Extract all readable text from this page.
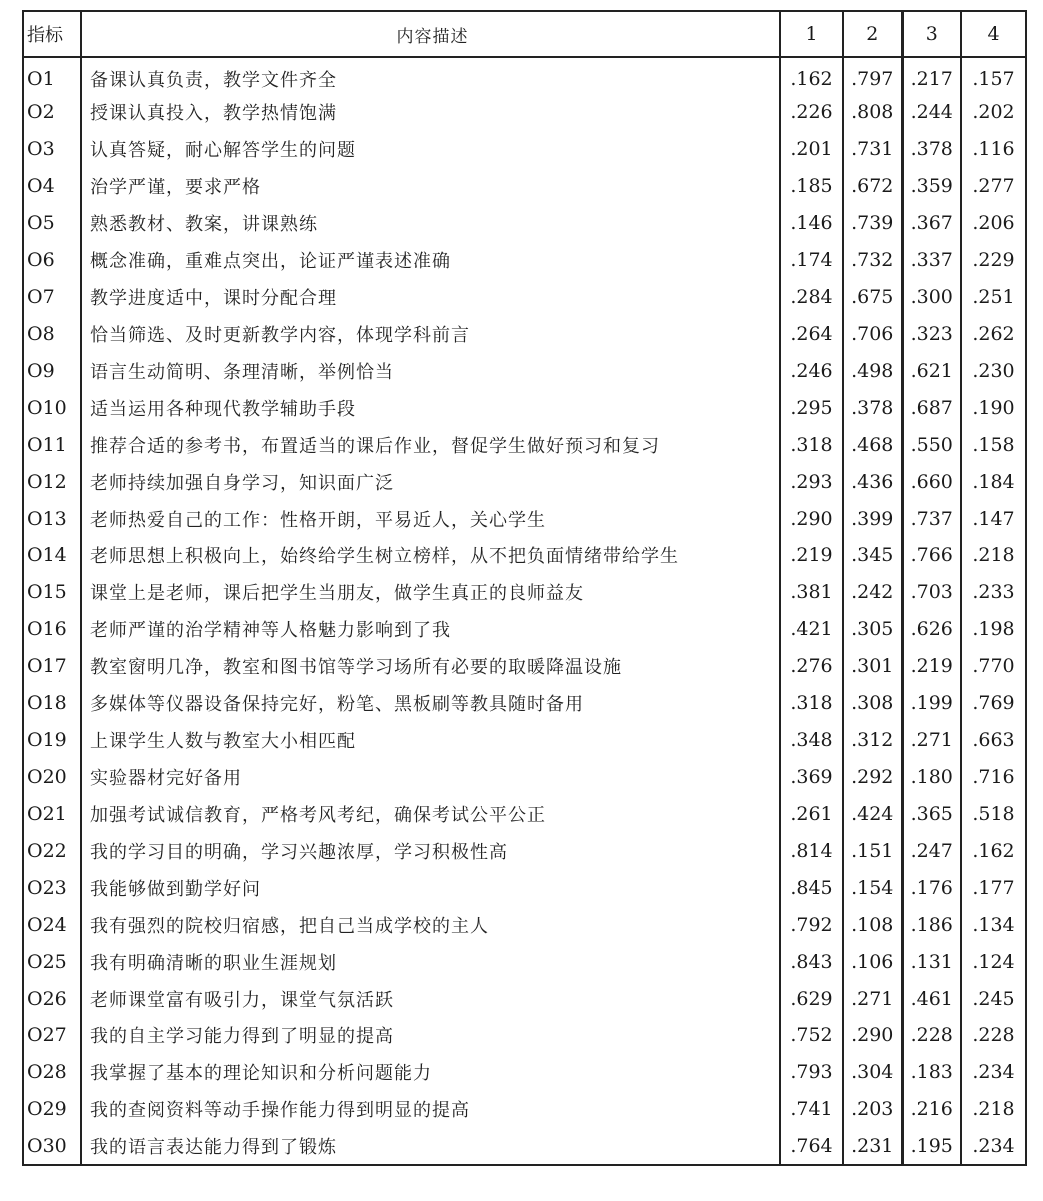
指标	内容描述	1	2	3	4
O1	备课认真负责，教学文件齐全	.162	.797	.217	.157
O2	授课认真投入，教学热情饱满	.226	.808	.244	.202
O3	认真答疑，耐心解答学生的问题	.201	.731	.378	.116
O4	治学严谨，要求严格	.185	.672	.359	.277
O5	熟悉教材、教案，讲课熟练	.146	.739	.367	.206
O6	概念准确，重难点突出，论证严谨表述准确	.174	.732	.337	.229
O7	教学进度适中，课时分配合理	.284	.675	.300	.251
O8	恰当筛选、及时更新教学内容，体现学科前言	.264	.706	.323	.262
O9	语言生动简明、条理清晰，举例恰当	.246	.498	.621	.230
O10	适当运用各种现代教学辅助手段	.295	.378	.687	.190
O11	推荐合适的参考书，布置适当的课后作业，督促学生做好预习和复习	.318	.468	.550	.158
O12	老师持续加强自身学习，知识面广泛	.293	.436	.660	.184
O13	老师热爱自己的工作：性格开朗，平易近人，关心学生	.290	.399	.737	.147
O14	老师思想上积极向上，始终给学生树立榜样，从不把负面情绪带给学生	.219	.345	.766	.218
O15	课堂上是老师，课后把学生当朋友，做学生真正的良师益友	.381	.242	.703	.233
O16	老师严谨的治学精神等人格魅力影响到了我	.421	.305	.626	.198
O17	教室窗明几净，教室和图书馆等学习场所有必要的取暖降温设施	.276	.301	.219	.770
O18	多媒体等仪器设备保持完好，粉笔、黑板刷等教具随时备用	.318	.308	.199	.769
O19	上课学生人数与教室大小相匹配	.348	.312	.271	.663
O20	实验器材完好备用	.369	.292	.180	.716
O21	加强考试诚信教育，严格考风考纪，确保考试公平公正	.261	.424	.365	.518
O22	我的学习目的明确，学习兴趣浓厚，学习积极性高	.814	.151	.247	.162
O23	我能够做到勤学好问	.845	.154	.176	.177
O24	我有强烈的院校归宿感，把自己当成学校的主人	.792	.108	.186	.134
O25	我有明确清晰的职业生涯规划	.843	.106	.131	.124
O26	老师课堂富有吸引力，课堂气氛活跃	.629	.271	.461	.245
O27	我的自主学习能力得到了明显的提高	.752	.290	.228	.228
O28	我掌握了基本的理论知识和分析问题能力	.793	.304	.183	.234
O29	我的查阅资料等动手操作能力得到明显的提高	.741	.203	.216	.218
O30	我的语言表达能力得到了锻炼	.764	.231	.195	.234
